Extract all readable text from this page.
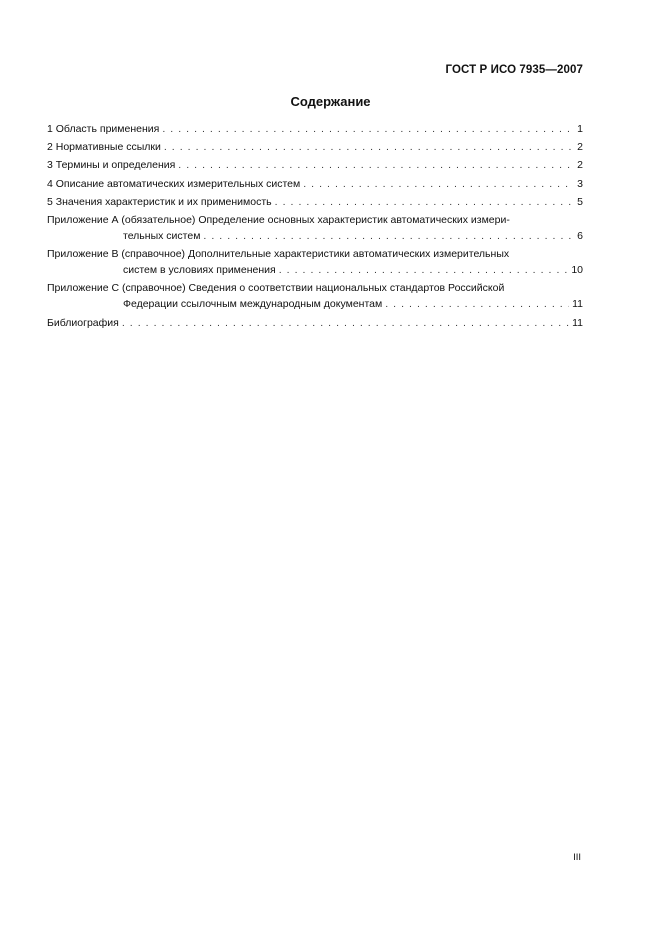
ГОСТ Р ИСО 7935—2007
Содержание
1 Область применения . . .	1
2 Нормативные ссылки . . .	2
3 Термины и определения . . .	2
4 Описание автоматических измерительных систем . . .	3
5 Значения характеристик и их применимость . . .	5
Приложение А (обязательное) Определение основных характеристик автоматических измери-
тельных систем . . .	6
Приложение В (справочное) Дополнительные характеристики автоматических измерительных
систем в условиях применения . . .	10
Приложение С (справочное) Сведения о соответствии национальных стандартов Российской
Федерации ссылочным международным документам . . .	11
Библиография . . .	11
III
